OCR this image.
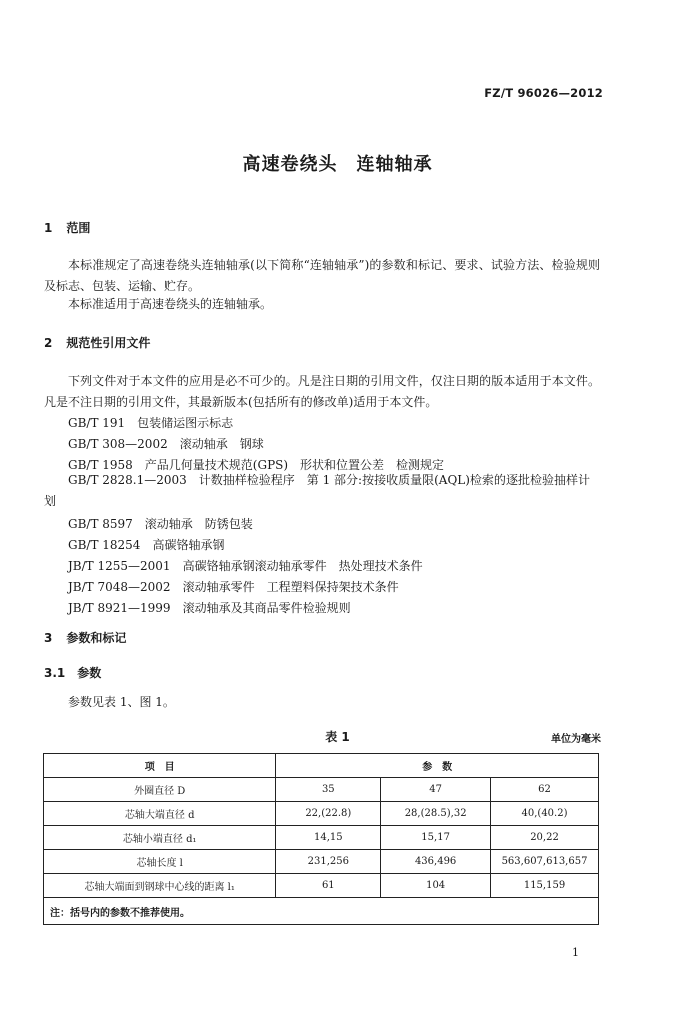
FZ/T 96026—2012
高速卷绕头　连轴轴承
1 范围
本标准规定了高速卷绕头连轴轴承(以下简称“连轴轴承”)的参数和标记、要求、试验方法、检验规则及标志、包装、运输、贮存。
本标准适用于高速卷绕头的连轴轴承。
2 规范性引用文件
下列文件对于本文件的应用是必不可少的。凡是注日期的引用文件，仅注日期的版本适用于本文件。凡是不注日期的引用文件，其最新版本(包括所有的修改单)适用于本文件。
GB/T 191　包装储运图示标志
GB/T 308—2002　滚动轴承　钢球
GB/T 1958　产品几何量技术规范(GPS)　形状和位置公差　检测规定
GB/T 2828.1—2003　计数抽样检验程序　第 1 部分:按接收质量限(AQL)检索的逐批检验抽样计划
GB/T 8597　滚动轴承　防锈包装
GB/T 18254　高碳铬轴承钢
JB/T 1255—2001　高碳铬轴承钢滚动轴承零件　热处理技术条件
JB/T 7048—2002　滚动轴承零件　工程塑料保持架技术条件
JB/T 8921—1999　滚动轴承及其商品零件检验规则
3 参数和标记
3.1 参数
参数见表 1、图 1。
表 1	单位为毫米
项　目	参　数		
外圈直径 D	35	47	62
芯轴大端直径 d	22,(22.8)	28,(28.5),32	40,(40.2)
芯轴小端直径 d₁	14,15	15,17	20,22
芯轴长度 l	231,256	436,496	563,607,613,657
芯轴大端面到钢球中心线的距离 l₁	61	104	115,159
注：括号内的参数不推荐使用。			
1
